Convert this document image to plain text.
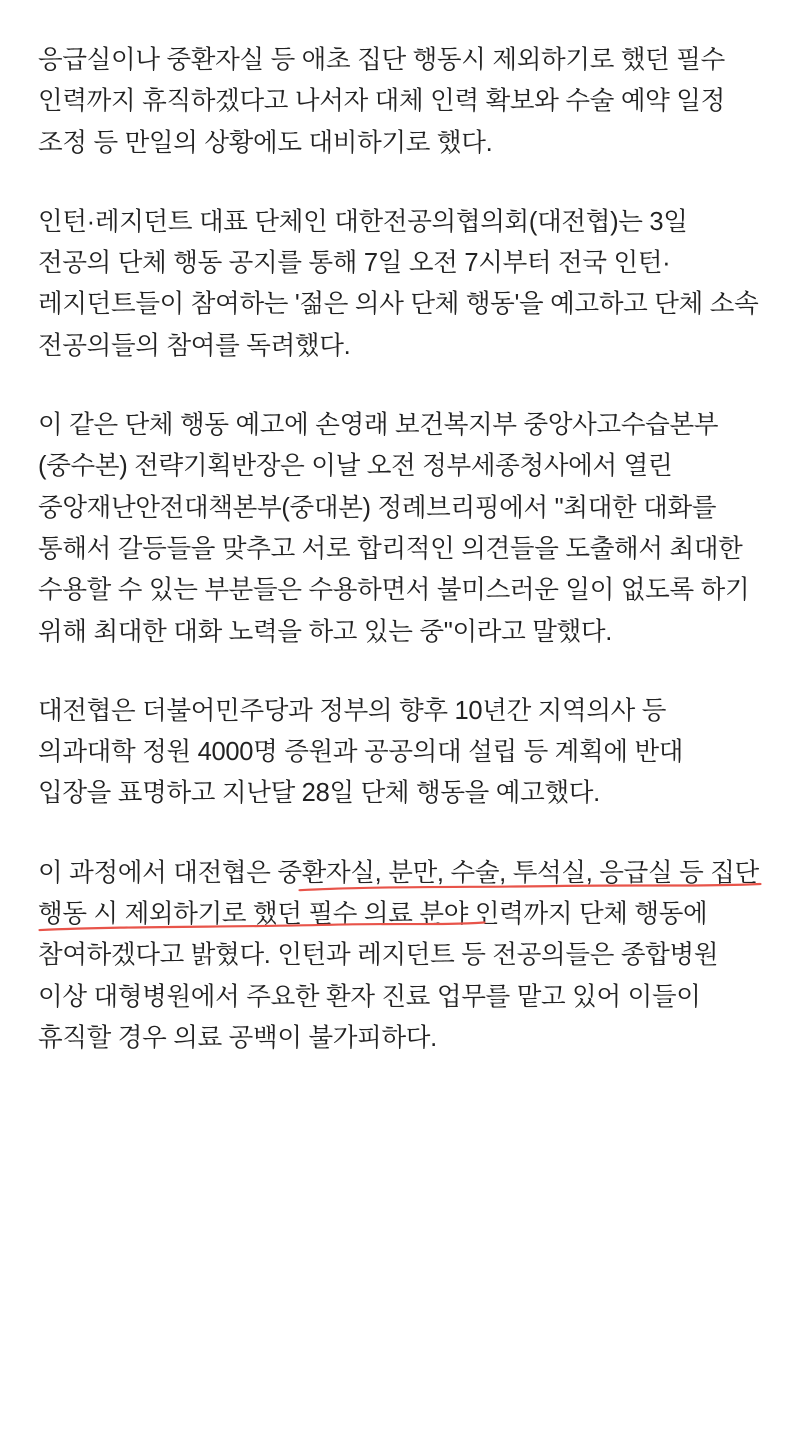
응급실이나 중환자실 등 애초 집단 행동시 제외하기로 했던 필수 인력까지 휴직하겠다고 나서자 대체 인력 확보와 수술 예약 일정 조정 등 만일의 상황에도 대비하기로 했다.

인턴·레지던트 대표 단체인 대한전공의협의회(대전협)는 3일 전공의 단체 행동 공지를 통해 7일 오전 7시부터 전국 인턴·레지던트들이 참여하는 '젊은 의사 단체 행동'을 예고하고 단체 소속 전공의들의 참여를 독려했다.

이 같은 단체 행동 예고에 손영래 보건복지부 중앙사고수습본부(중수본) 전략기획반장은 이날 오전 정부세종청사에서 열린 중앙재난안전대책본부(중대본) 정례브리핑에서 "최대한 대화를 통해서 갈등들을 맞추고 서로 합리적인 의견들을 도출해서 최대한 수용할 수 있는 부분들은 수용하면서 불미스러운 일이 없도록 하기 위해 최대한 대화 노력을 하고 있는 중"이라고 말했다.

대전협은 더불어민주당과 정부의 향후 10년간 지역의사 등 의과대학 정원 4000명 증원과 공공의대 설립 등 계획에 반대 입장을 표명하고 지난달 28일 단체 행동을 예고했다.

이 과정에서 대전협은 중환자실, 분만, 수술, 투석실, 응급실 등 집단 행동 시 제외하기로 했던 필수 의료 분야 인력까지 단체 행동에 참여하겠다고 밝혔다. 인턴과 레지던트 등 전공의들은 종합병원 이상 대형병원에서 주요한 환자 진료 업무를 맡고 있어 이들이 휴직할 경우 의료 공백이 불가피하다.
